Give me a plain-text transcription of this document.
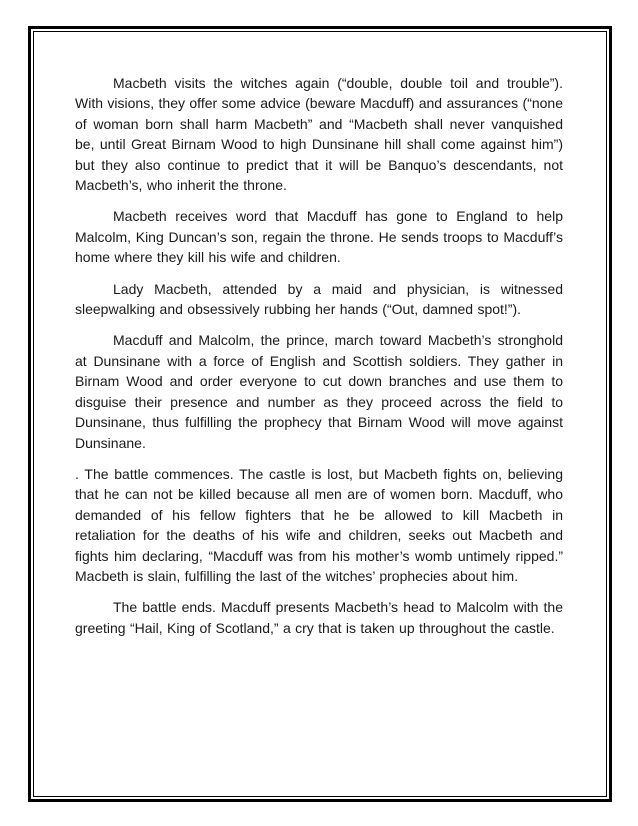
Macbeth visits the witches again (“double, double toil and trouble”). With visions, they offer some advice (beware Macduff) and assurances (“none of woman born shall harm Macbeth” and “Macbeth shall never vanquished be, until Great Birnam Wood to high Dunsinane hill shall come against him”) but they also continue to predict that it will be Banquo’s descendants, not Macbeth’s, who inherit the throne.

Macbeth receives word that Macduff has gone to England to help Malcolm, King Duncan’s son, regain the throne. He sends troops to Macduff’s home where they kill his wife and children.

Lady Macbeth, attended by a maid and physician, is witnessed sleepwalking and obsessively rubbing her hands (“Out, damned spot!”).

Macduff and Malcolm, the prince, march toward Macbeth’s stronghold at Dunsinane with a force of English and Scottish soldiers. They gather in Birnam Wood and order everyone to cut down branches and use them to disguise their presence and number as they proceed across the field to Dunsinane, thus fulfilling the prophecy that Birnam Wood will move against Dunsinane.

. The battle commences. The castle is lost, but Macbeth fights on, believing that he can not be killed because all men are of women born. Macduff, who demanded of his fellow fighters that he be allowed to kill Macbeth in retaliation for the deaths of his wife and children, seeks out Macbeth and fights him declaring, “Macduff was from his mother’s womb untimely ripped.” Macbeth is slain, fulfilling the last of the witches’ prophecies about him.

The battle ends. Macduff presents Macbeth’s head to Malcolm with the greeting “Hail, King of Scotland,” a cry that is taken up throughout the castle.
